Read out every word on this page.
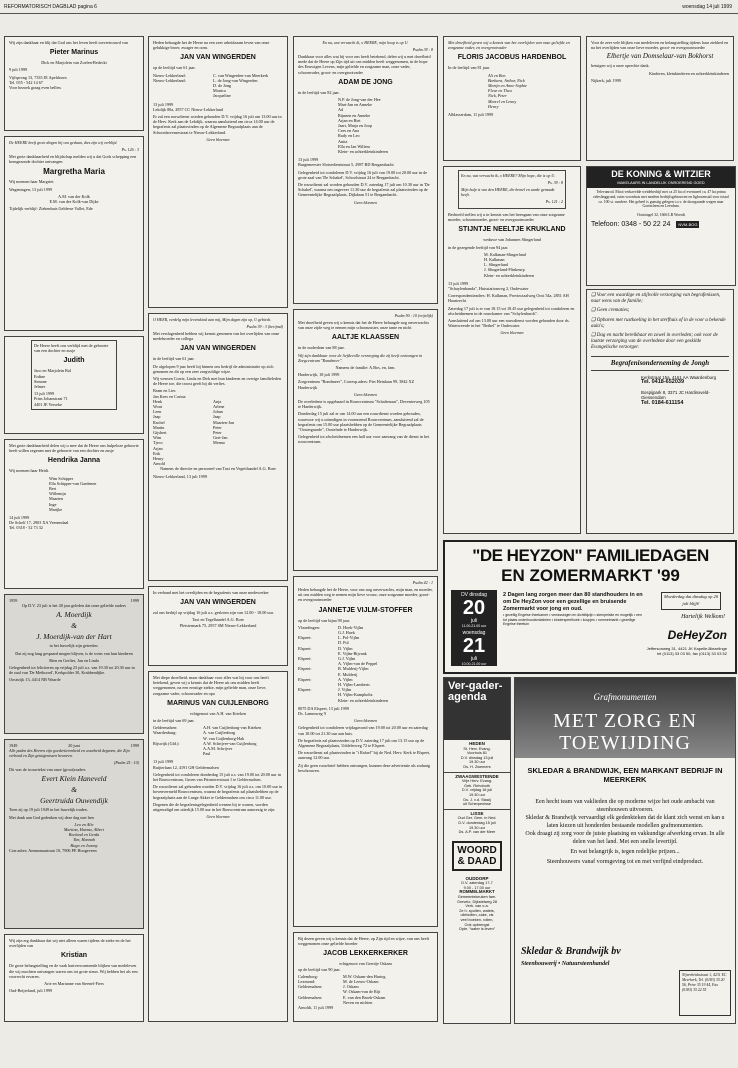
REFORMATORISCH DAGBLAD pagina 6	woensdag 14 juli 1999

Wij zijn dankbaar en blij dat God ons het leven heeft toevertrouwd van

Pieter Marinus

Dick en Marjolein van Zoelen-Bedeckt

9 juli 1999

Vijfsprong 13, 7335 JE Apeldoorn

Tel. 055 - 542 14 67

Voor bezoek graag even bellen.

De HEERE heeft grote dingen bij ons gedaan, dies zijn wij verblijd.

Ps. 126 : 3

Met grote dankbaarheid en blijdschap melden wij u dat Gods schepping een kerngezonde dochter ontvangen

Margretha Maria

Wij noemen haar Margriet.

Wageningen, 13 juli 1999

A.M. van der Kolk

E.M. van der Kolk-van Dijke

Tijdelijk verblijf: Ziekenhuis Gelderse Vallei, Ede

De Heere heeft ons verblijd met de geboorte van een dochter en zusje

Judith
Jaco en Marjolein Bal
Erdine
Simone
Jelmer

13 juli 1999

Prins Johanstraat 71

4401 JE Yerseke

Met grote dankbaarheid delen wij u mee dat de Heere ons hulpeloze geboorte heeft willen zegenen met de geboorte van een dochter en zusje

Hendrika Janna

Wij noemen haar Heidi.

Wim Schipper
Ella Schipper-van Gardenen
Bert
Willemijn
Maarten
Inge
Marijke

14 juli 1999

De Schelf 17, 2903 XA Veenendaal

Tel. 0318 - 52 73 32

1959	1999

Op D.V. 23 juli is het 40 jaar geleden dat onze geliefde ouders

A. Moerdijk
&
J. Moerdijk-van der Hart

in het huwelijk zijn getreden.

Dat zij nog lang gespaard mogen blijven, is de wens van hun kinderen

Rien en Gerlies, Jan en Linda

Gelegenheid tot feliciteren op vrijdag 23 juli a.s. van 19.30 tot 20.30 uur in de zaal van 'De Methoord', Kerkpolder 30, Krabbendijke.

Oostwijk 13, 4414 NB Waarde

1949	20 juni	1999

Alle paden des Heeren zijn goedertierenheid en waarheid degenen, die Zijn verbond en Zijn getuigenissen bewaren.

(Psalm 25 : 10)

Dit was de trouwtekst van onze (groot)ouders

Evert Klein Haneveld
&
Geertruida Ouwendijk

Toen zij op 19 juli 1949 in het huwelijk traden.

Met dank aan God gedenken wij deze dag met hen

Leo en Alie
Martina, Harma, Albert
Roeland en Gerda
Tim, Hannah
Hugo en Jeanny

Corr.adres: Ammonaastraat 10, 7906 PE Hoogeveen

Wij zijn erg dankbaar dat wij niet alleen waren tijdens de zieke en de het overlijden van

Kristian

De grote belangstelling en de vaak hartverwarmende blijken van medeleven die wij mochten ontvangen waren ons tot grote steun. Wij hebben het als een voorrecht ervaren.

Arie en Marianne van Steenel-Fiers

Oud-Beijerland, juli 1999

Heden behaagde het de Heere na een zeer arbeidzaam leven van onze gelukkige broer, zwager en oom.

JAN VAN WINGERDEN

op de leeftijd van 61 jaar.

Nieuw-Lekkerland:	C. van Wingerden-van Meerkerk
Nieuw-Lekkerland:	L. de Jong-van Wingerden
D. de Jong
Monica
Jacqueline

13 juli 1999

Lekdijk 80a, 2957 CC Nieuw-Lekkerland

Er zal een rouwdienst worden gehouden D.V. vrijdag 16 juli om 13.00 uur in de Herv. Kerk aan de Lekdijk, waarna aansluitend om circa 14.00 uur de begrafenis zal plaatsvinden op de Algemene Begraafplaats aan de Schoonhovensestraat te Nieuw-Lekkerland.

Geen bloemen

O HEER, verdelg mijn levenskind aan mij, Mijn dagen zijn op, U gebiedt.

Psalm 39 : 3 (berijmd)

Met verslagenheid hebben wij kennis genomen van het overlijden van onze medebroeder en collega

JAN VAN WINGERDEN

in de leeftijd van 61 jaar.

De afgelopen 9 jaar heeft hij binnen ons bedrijf de administratie op zich genomen en dit op een zeer zorgvuldige wijze.

Wij wensen Corrie, Linda en Dirk met hun kinderen en overige familieleden de Heere toe, die troost geeft bij dit verlies.

Bram en Lies
Jan Kees en Corina
Henk	Anja
Wout	Arlene
Leen	Johan
Jaap	Jaap
Rachel	Maarten-Jan
Martin	Peter
Gijsbert	Peter
Wim	Gert-Jan
Tjeco	Menno
Arjan
Erik
Henry
Arnold

Namens de directie en personeel van Taxi en Vegetthandel A.G. Boer

Nieuw-Lekkerland, 13 juli 1999

In verband met het overlijden en de begrafenis van onze medewerker

JAN VAN WINGERDEN

zal ons bedrijf op vrijdag 16 juli a.s. gesloten zijn van 12.00 - 18.00 uur.

Taxi en Tegelhandel A.G. Boer

Pleistermark 75, 2957 SM Nieuw-Lekkerland

Met diepe droefheid, maar dankbaar voor alles wat hij voor ons heeft betekend, geven wij u kennis dat de Heere uit ons midden heeft weggenomen, na een ernstige ziekte, mijn geliefde man, onze lieve, zorgzame vader, schoonvader en opa

MARINUS VAN CUIJLENBORG

echtgenoot van A.H. van Krieken

in de leeftijd van 69 jaar.

Geldermalsen:	A.H. van Cuijlenborg-van Krieken
Waardenburg:	A. van Cuijlenborg
W. van Cuijlenborg-Hak
Rijswijk (Gld.):	A.W. Schrijver-van Cuijlenborg
A.A.M. Schrijver
Paul

13 juli 1999

Ruijterlaan 12, 4191 GH Geldermalsen

Gelegenheid tot condoleren donderdag 15 juli a.s. van 19.00 tot 20.00 uur in het Rouwcentrum, Groen van Prinstererstraat 1 te Geldermalsen.

De rouwdienst zal gehouden worden D.V. vrijdag 16 juli a.s. om 10.00 uur in bovenvermeld Rouwcentrum, waarna de begrafenis zal plaatshebben op de begraafplaats aan de Lange Akker te Geldermalsen om circa 11.00 uur.

Degenen die de begrafenisgelegenheid wensen bij te wonen, worden uitgenodigd om uiterlijk 15.00 uur in het Rouwcentrum aanwezig te zijn.

Geen bloemen

En nu, wat verwacht ik, o HEERE, mijn hoop is op U.

Psalm 39 : 8

Dankbaar voor alles wat hij voor ons heeft betekend, delen wij u met droefheid mede dat de Heere op Zijn tijd uit ons midden heeft weggenomen, in de hope des Eeuwigen Levens, mijn geliefde en zorgzame man, onze vader, schoonvader, groot- en overgrootvader

ADAM DE JONG

in de leeftijd van 82 jaar.

N.P. de Jong-van der Hee
Mari-Jan en Anneke
Ad
Rijnnen en Anneke
Arjan en Riet
Jaart, Marja en Joop
Cees en Ana
Rudy en Leo
Anita
Ella en Jan Willem
Klein- en achterkleinkinderen

13 juli 1999

Burgemeester Slotsedientstraat 5, 2987 BD Bergambacht

Gelegenheid tot condoleren D.V. vrijdag 16 juli van 19.00 tot 20.00 uur in de grote zaal van 'De Schakel', Schoolstraat 24 te Bergambacht.

De rouwdienst zal worden gehouden D.V. zaterdag 17 juli om 10.30 uur in 'De Schakel', waarna om ongeveer 11.30 uur de begrafenis zal plaatsvinden op de Gemeentelijke Begraafplaats, Dijkdaan 51 te Bergambacht.

Geen bloemen

Psalm 90 : 10 (vrijelijk)

Met droefheid geven wij u kennis dat het de Heere behaagde nog onverwachts van onze zijde weg te nemen mijn schoonzuster, onze tante en nicht

AALTJE KLAASSEN

in de ouderdom van 88 jaar.

Wij zijn dankbaar voor de liefdevolle verzorging die zij heeft ontvangen in Zorgcentrum "Rondmeer".

Namens de familie: A.Bos, en, fam.

Harderwijk, 18 juli 1999

Zorgcentrum "Rondmeer", Corresp.adres: Piet Heinlaan 99, 3842 XZ Harderwijk

Geen bloemen

De overledene is opgebaard in Rouwcentrum "Schaftenaar", Deventerweg 105 te Harderwijk.

Donderdag 15 juli zal er om 14.00 uur een rouwdienst worden gehouden, waarvoor wij u uitnodigen in voornoemd Rouwcentrum, aansluitend zal de begrafenis om 15.00 uur plaatshebben op de Gemeentelijke Begraafplaats "Oostergaarde", Oostelnde te Harderwijk.

Gelegenheid tot afscheidnemen een half uur voor aanvang van de dienst in het rouwcentrum.

Psalm 42 : 1

Heden behaagde het de Heere, voor ons nog onverwachts, mijn man, en moeder, uit ons midden weg te nemen mijn lieve vrouw, onze zorgzame moeder, groot- en overgrootmoeder

JANNETJE VIJLM-STOFFER

op de leeftijd van bijna 90 jaar.

Vlaardingen:	D. Hoek-Vijlm
G.J. Hoek
Elspeet:	L. Pol-Vijlm
D. Pol
Elspeet:	D. Vijlm
E. Vijlm-Bijvank
Elspeet:	G.J. Vijlm
A. Vijlm-van de Peppel
Elspeet:	B. Mulderij-Vijlm
E. Mulderij
Elspeet:	A. Vijlm
H. Vijlm-Lamberts
Elspeet:	J. Vijlm
H. Vijlm-Kampholtz
Klein- en achterkleinkinderen

8075 DA Elspeet, 13 juli 1999

Ds. Lammweg 9

Geen bloemen

Gelegenheid tot condoleren vrijdagavond van 19.00 tot 20.00 uur en zaterdag van 10.00 tot 21.30 uur aan huis.

De begrafenis zal plaatsvinden op D.V. zaterdag 17 juli om 13.15 uur op de Algemene Begraafplaats, Uddelerweg 72 te Elspeet.

De rouwdienst zal plaatsvinden in "t Rafael" bij de Ned. Herv. Kerk te Elspeet, aanvang 12.00 uur.

Zij die geen rouwbrief hebben ontvangen, kunnen deze advertentie als zodanig beschouwen.

Bij dezen geven wij u kennis dat de Heere, op Zijn tijd en wijze, van ons heeft weggenomen onze geliefde broeder

JACOB LEKKERKERKER

echtgenoot van Gerritje Oskam

op de leeftijd van 90 jaar.

Culemborg:	M.W. Oskam-den Hartog
Lexmond:	M. de Leeuw-Oskam
Geldermalsen:	J. Oskam
W. Oskam-van de Rijt
Geldermalsen:	E. van den Broek-Oskam
Neven en nichten

Arnoldi, 11 juli 1999

Met droefheid geven wij u kennis van het overlijden van onze geliefde en zorgzame vader, en overgrootvader

FLORIS JACOBUS HARDENBOL

In de leeftijd van 81 jaar.

Ali en Ben
Barbara, Arthur, Nick
Marijn en Anne-Sophie
Fleur en Thea
Nick, Peter
Marcel en Lenny
Henry

Alblasserdam, 11 juli 1999

En nu, wat verwacht ik, o HEERE? Mijn hope, die is op U.

Ps. 39 : 8

Mijn hulp is van den HEERE, die hemel en aarde gemaakt heeft.

Ps. 121 : 2

Bedroefd stellen wij u in kennis van het heengaan van onze zorgzame moeder, schoonmoeder, groot- en overgrootmoeder

STIJNTJE NEELTJE KRUKLAND

weduwe van Johannes Slingerland

in de gezegende leeftijd van 94 jaar.

M. Kalkman-Slingerland
H. Kalkman
L. Slingerland
J. Slingerland-Flinkeurp
Klein- en achterkleinkinderen

13 juli 1999

"Schaylenbanda", Huisstationweg 2, Oudewater

Correspondentieadres: H. Kalkman, Provinciaalweg Oost 54a, 2851 AH Haastrecht

Zaterdag 17 juli is er van 18.15 tot 18.45 uur gelegenheid tot condoleren en afscheidnemen in de rouwkamer van "Schylenburch".

Aansluitend zal om 13.00 uur een rouwdienst worden gehouden door ds. Waterweerde in het "Bethel" te Oudewater.

Geen bloemen

Voor de zeer vele blijken van medeleven en belangstelling tijdens haar ziekbed en na het overlijden van onze lieve moeder, groot- en overgrootmoeder

Elbertje van Domselaar-van Bokhorst

betuigen wij u onze oprechte dank.

Kinderen, kleinkinderen en achterkleinkinderen

Nijkerk, juli 1999

DE KONING & WITZIER
MAKELAARS IN LANDELIJK ONROEREND GOED
Televanrod. Mooi verkavelde weidebedrijf met ca 25 ha of eventueel ca. 47 ha prima rideslinggrond, ruim woonhuis met modern bedrijfsgebouwen en ligboxenstal voor totaal ca. 100 st. rundvee. Het geheel is gunstig gelegen t.o.v. de doorgaande wegen naar Gorinchem en Leerdam.
Oostsingel 32, 1666 LB Woerdt
Telefoon: 0348 - 50 22 24 NVM-BOG
❑ Voor een waardige en stijlvolle verzorging van begrafenissen, naar wens van de familie;
❑ Geen crematies;
❑ Opbaren met rustkoeling in het sterfhuis of in de voor u bekende aula's;
❑ Dag en nacht bereikbaar en zowel in overleden; ook voor de laatste verzorging van de overledene door een geskilde Evangelische verzorger.
Begrafenisonderneming de Jongh
Kerkstraat 15a, 4161 AA Waardenburg
Tel. 0418-652039
Bospijpark 8, 3371 JC Hardinxveld-Giessendam
Tel. 0184-611154
"DE HEYZON" FAMILIEDAGEN
EN ZOMERMARKT '99
DV dinsdag
20
juli
11.00-21.00 uur
woensdag
21
juli
10.00-21.00 uur
2 Dagen lang zorgen meer dan 80 standhouders in en om De HeyZon voor een gezellige en bruisende Zomermarkt voor jong en oud.
• gezellig Engelse theekamer • verrassingen en dichtbijzijn • stempelsite en mogelijk • een tot plaats onderhoudsmiddelen • kinderspeelhoek • koopjes • rommelmarkt • gezellige Engelse theetuin
Moederdag dat dinsdag op 20 juli blijft!
Hartelijk Welkom!
DeHeyZon
Jeffersonweg 31, 4421 JK Kapelle-Biezelinge
tel (0113) 33 03 50, fax (0113) 33 03 52
Ver-gader-agenda
HEDEN
St. Herv. Evang.
Voorhuis 81
D.V. dinsdag 13 juli
19.30 uur
Ds. H. Zwemers
ZWAAGWESTEINDE
Vrije Herv. Evang.
Geb. Rehoboth
D.V. vrijdag 16 juli
19.30 uur
Ds. J. v.d. Staaij
uit Scherpenisse
LISSE
Oud Ger. Gem. in Ned.
D.V. donderdag 15 juli
19.30 uur
Ds. A.P. van der Meer
WOORD & DAAD
OUDDORP
D.V. zaterdag 17-7
9.00 - 17.00 uur
ROMMELMARKT
Gemeentekeuken fam.
Grevelo, Dijkstelweg 28
Verk. van o.a.
2e h. spullen, watels,
oliebollen, cake, vis
veel boeken, rollen,
Ook opbrengst
Opbr. "water is leven"
Grafmonumenten
MET ZORG EN
TOEWIJDING
SKLEDAR & BRANDWIJK, EEN MARKANT BEDRIJF IN MEERKERK
Een hecht team van vaklieden die op moderne wijze het oude ambacht van steenhouwen uitvoeren.
Skledar & Brandwijk vervaardigt elk gedenkteken dat de klant zich wenst en kan u laten kiezen uit honderden bestaande modellen grafmonumenten.
Ook draagt zij zorg voor de juiste plaatsing en vakkundige afwerking ervan. In alle delen van het land. Met een snelle levertijd.
En wat belangrijk is, tegen redelijke prijzen...
Steenhouwers vanaf vormgeving tot en met verfijnd eindproduct.
Skledar & Brandwijk bv
Steenhouwerij • Natuursteenhandel
Nijverheidsstraat 1, 4231 EC Meerkerk, Tel. (0183) 35 20 56, Prive 35 19 44, Fax (0183) 35 22 55
